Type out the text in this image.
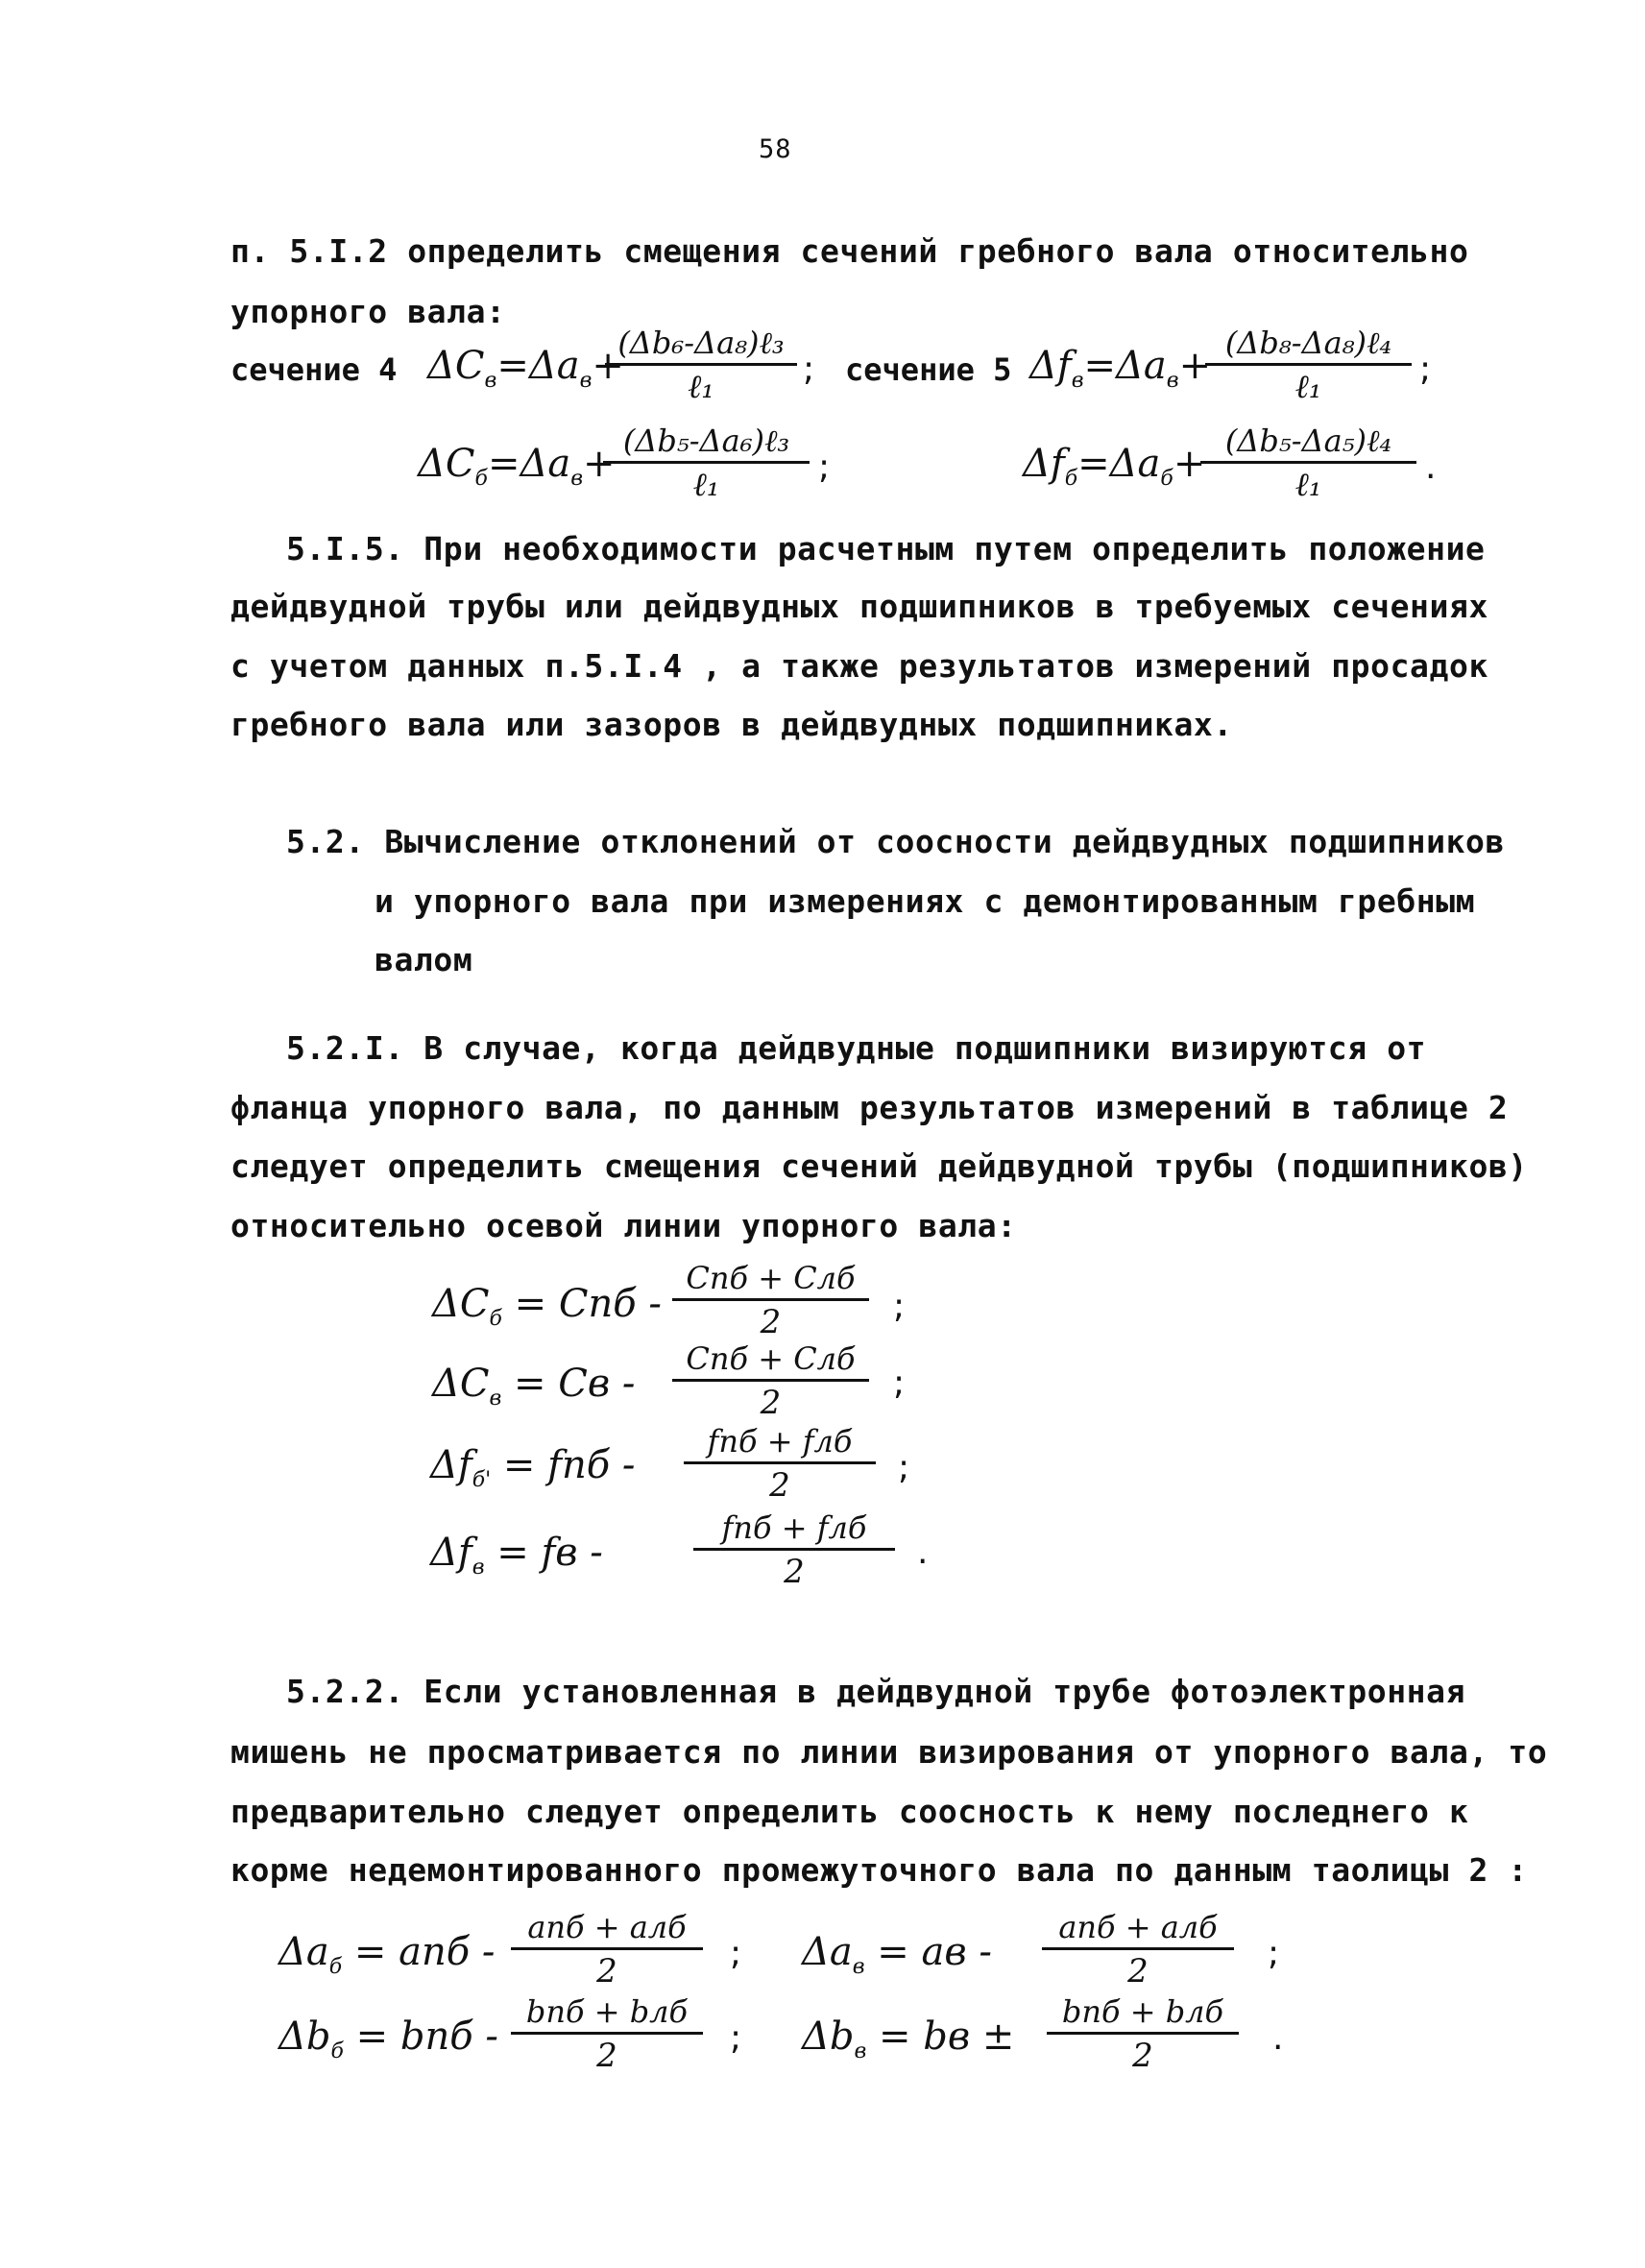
58

п. 5.I.2 определить смещения сечений гребного вала относительно

упорного вала:

сечение 4 $\Delta C_в=\Delta a_в+$
(Δb₆-Δa₈)ℓ₃
ℓ₁	; сечение 5 $\Delta f_в=\Delta a_в+$
(Δb₈-Δa₈)ℓ₄
ℓ₁	;
$\Delta C_б=\Delta a_в+$
(Δb₅-Δa₆)ℓ₃
ℓ₁	;	$\Delta f_б=\Delta a_б+$
(Δb₅-Δa₅)ℓ₄
ℓ₁	.

5.I.5. При необходимости расчетным путем определить положение

дейдвудной трубы или дейдвудных подшипников в требуемых сечениях

с учетом данных п.5.I.4 , а также результатов измерений просадок

гребного вала или зазоров в дейдвудных подшипниках.

5.2. Вычисление отклонений от соосности дейдвудных подшипников

и упорного вала при измерениях с демонтированным гребным

валом

5.2.I. В случае, когда дейдвудные подшипники визируются от

фланца упорного вала, по данным результатов измерений в таблице 2

следует определить смещения сечений дейдвудной трубы (подшипников)

относительно осевой линии упорного вала:

$\Delta C_б$ = Cпб -
Cпб + Cлб
2	;
$\Delta C_в$ = Cв -
Cпб + Cлб
2	;
$\Delta f_{б'}$ = fпб -
fпб + fлб
2	;
$\Delta f_в$ = fв -
fпб + fлб
2	.

5.2.2. Если установленная в дейдвудной трубе фотоэлектронная

мишень не просматривается по линии визирования от упорного вала, то

предварительно следует определить соосность к нему последнего к

корме недемонтированного промежуточного вала по данным таолицы 2 :

$\Delta a_б$ = aпб -
aпб + aлб
2	; $\Delta a_в$ = aв -
aпб + aлб
2	;
$\Delta b_б$ = bпб -
bпб + bлб
2	; $\Delta b_в$ = bв ±
bпб + bлб
2	.
